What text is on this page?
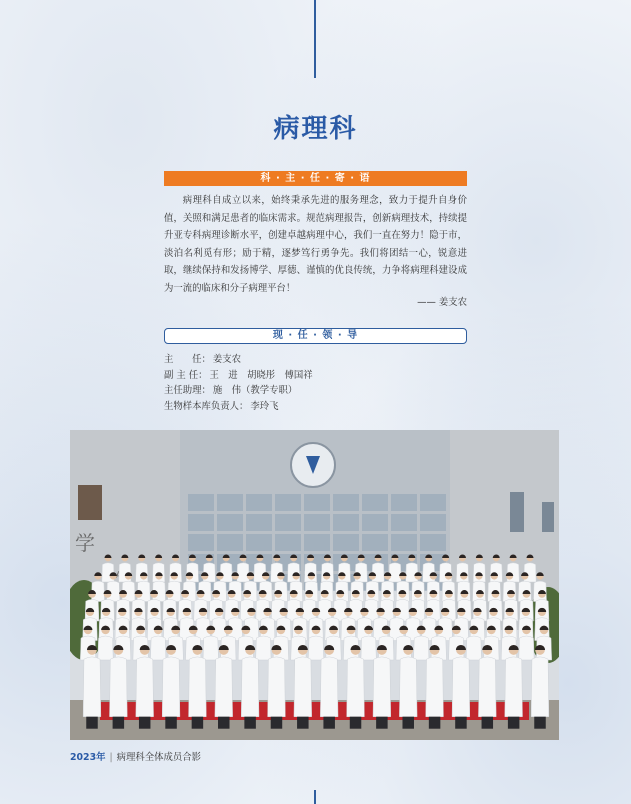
病理科
科 · 主 · 任 · 寄 · 语

病理科自成立以来，始终秉承先进的服务理念，致力于提升自身价值，关照和满足患者的临床需求。规范病理报告，创新病理技术，持续提升亚专科病理诊断水平，创建卓越病理中心，我们一直在努力！隐于市，淡泊名利觅有形；励于精，逐梦笃行勇争先。我们将团结一心，锐意进取，继续保持和发扬博学、厚德、谨慎的优良传统，力争将病理科建设成为一流的临床和分子病理平台！

—— 姜支农
现 · 任 · 领 · 导
主　　任： 姜支农
副 主 任： 王　进　胡晓彤　傅国祥
主任助理： 施　伟（教学专职）
生物样本库负责人： 李玲飞
学
2023年 | 病理科全体成员合影
